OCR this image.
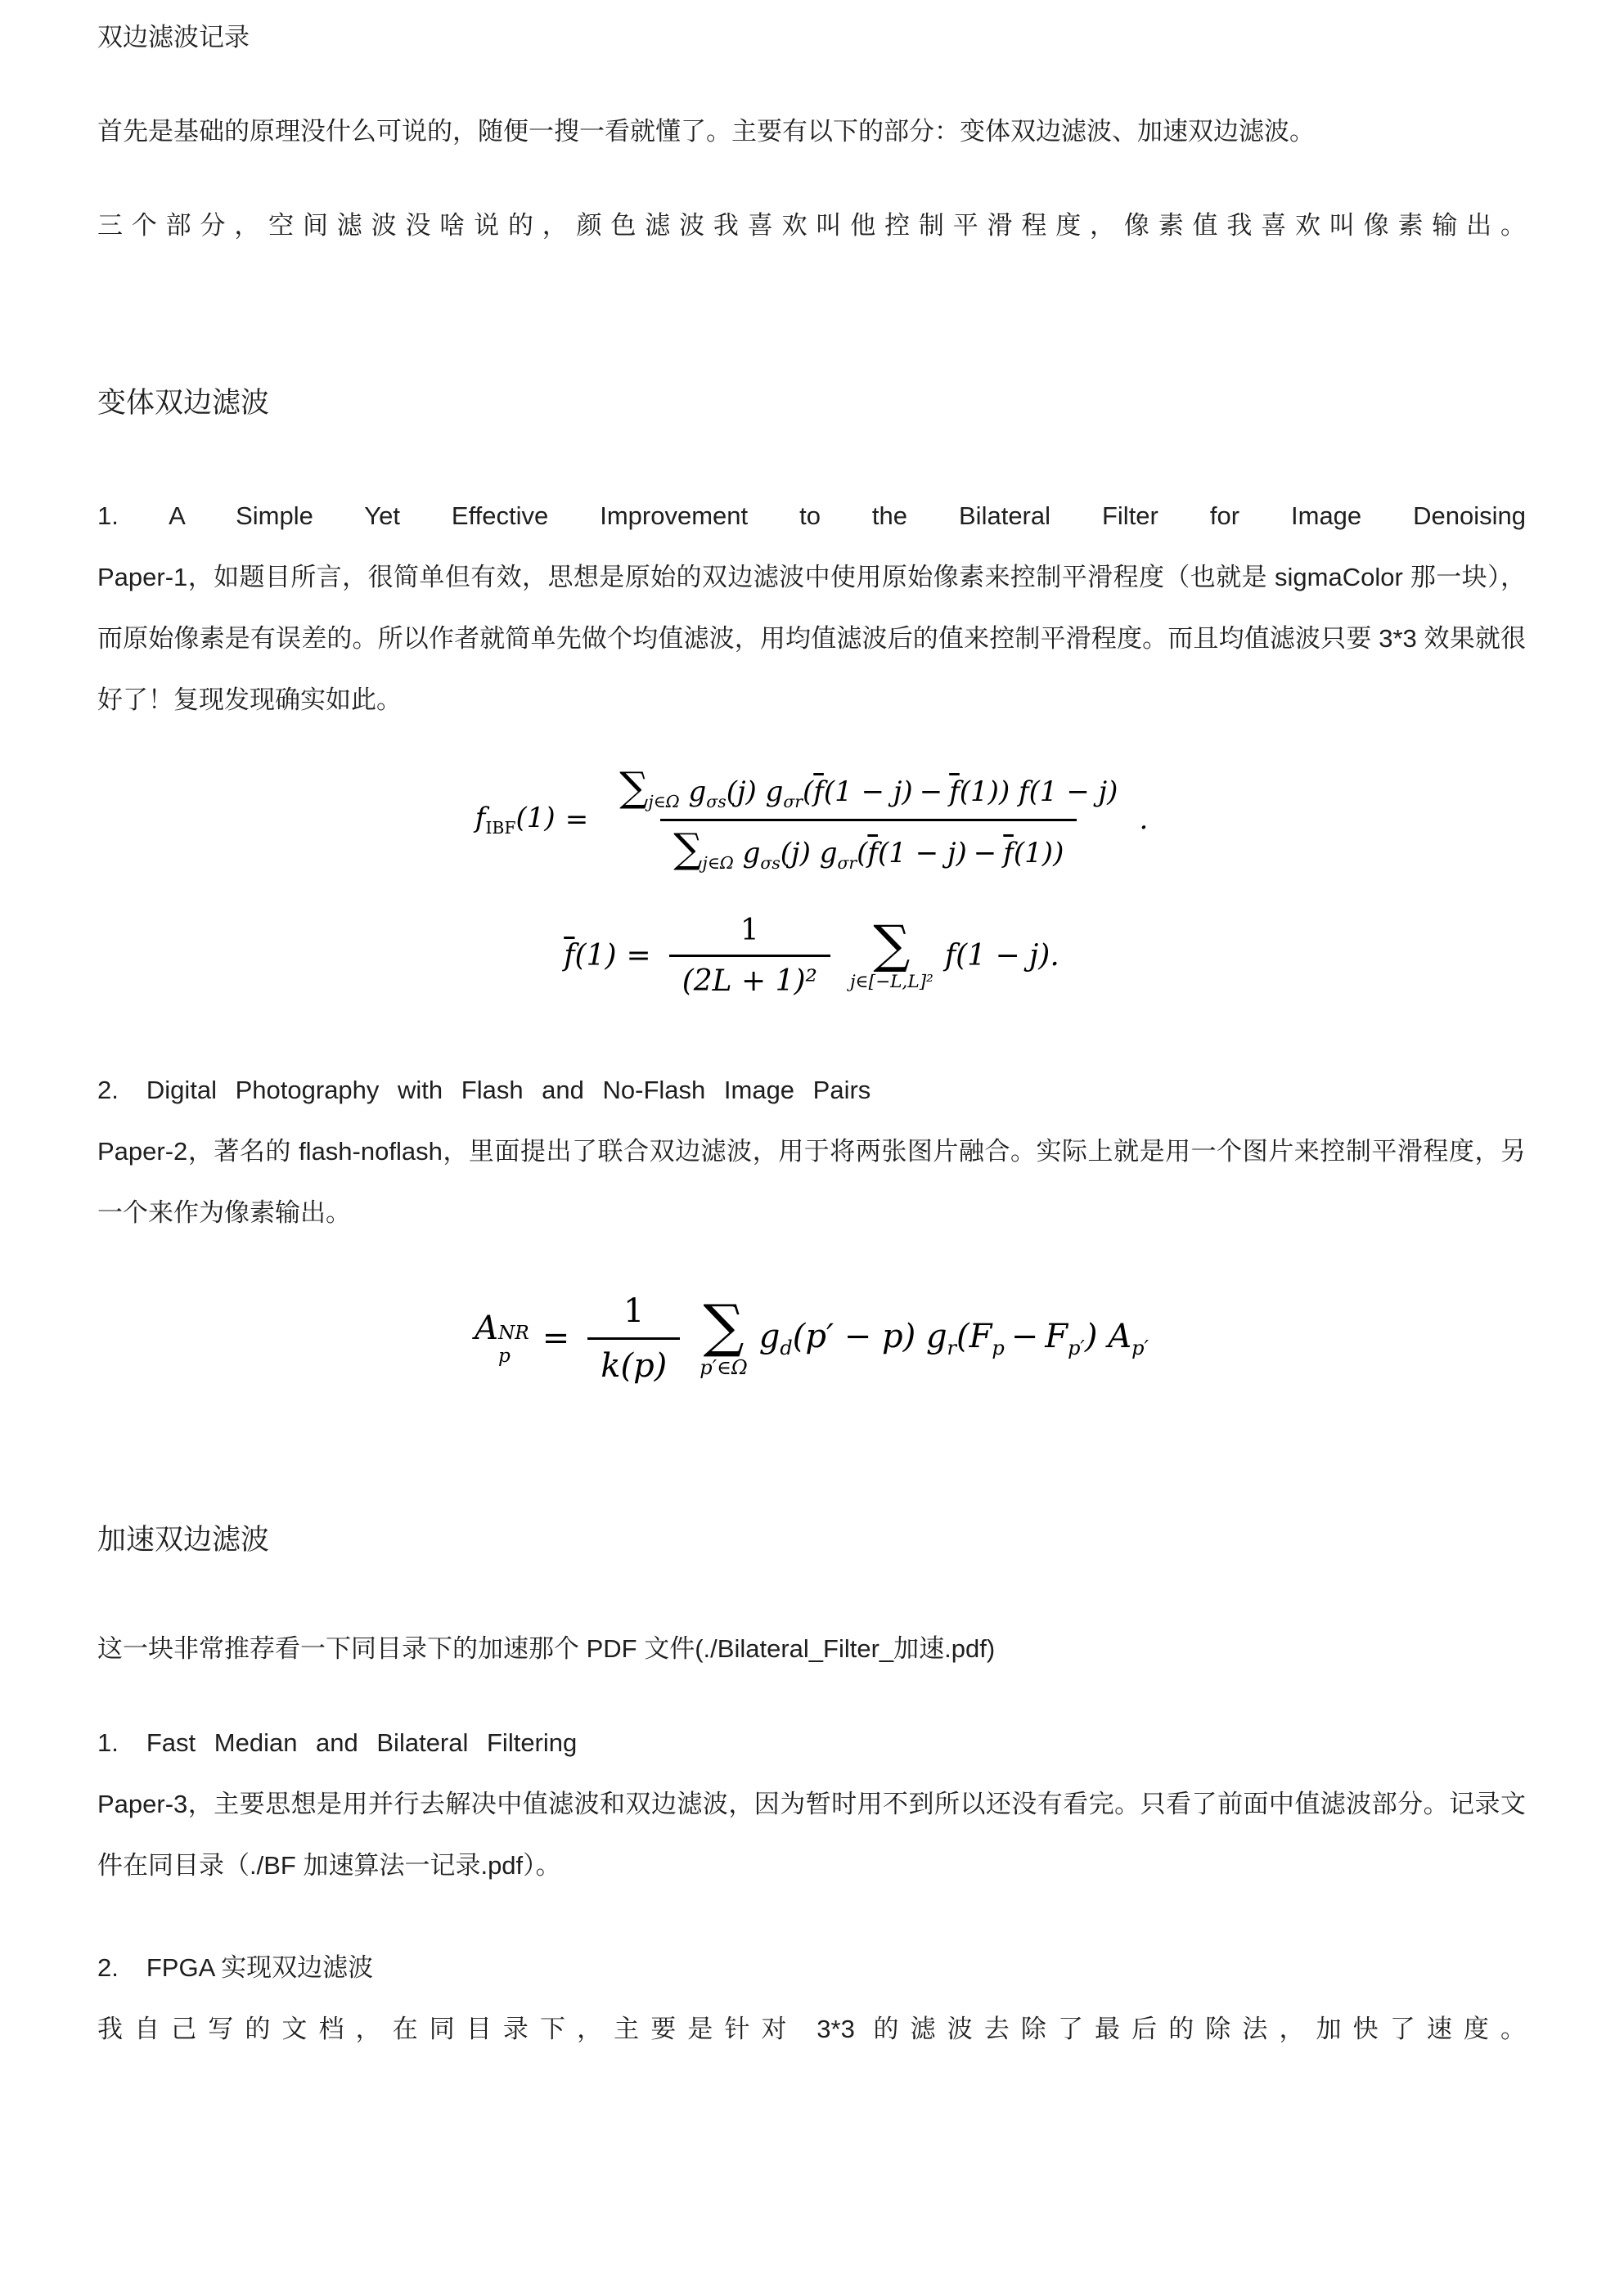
双边滤波记录

首先是基础的原理没什么可说的，随便一搜一看就懂了。主要有以下的部分：变体双边滤波、加速双边滤波。

三个部分，空间滤波没啥说的，颜色滤波我喜欢叫他控制平滑程度，像素值我喜欢叫像素输出。

变体双边滤波
1. A Simple Yet Effective Improvement to the Bilateral Filter for Image Denoising

Paper-1，如题目所言，很简单但有效，思想是原始的双边滤波中使用原始像素来控制平滑程度（也就是 sigmaColor 那一块），而原始像素是有误差的。所以作者就简单先做个均值滤波，用均值滤波后的值来控制平滑程度。而且均值滤波只要 3*3 效果就很好了！复现发现确实如此。

$f_{IBF}(1)$ =
$\sum_{j\in\Omega}$ $g_{\sigma s}(j) g_{\sigma r}(\overline{f}(1 - j) - \overline{f}(1)) f(1 - j)$
$\sum_{j\in\Omega}$ $g_{\sigma s}(j) g_{\sigma r}(\overline{f}(1 - j) - \overline{f}(1))$
.
$\overline{f}(1) = \frac{1}{\text{(2L + 1)²}}$ ∑
j∈[−L,L]²
f(1 − j).
2. Digital Photography with Flash and No-Flash Image Pairs

Paper-2，著名的 flash-noflash，里面提出了联合双边滤波，用于将两张图片融合。实际上就是用一个图片来控制平滑程度，另一个来作为像素输出。

A NR
$p = \frac{1}{k(p)}$ ∑
p′∈Ω
$g_d(p' - p) g_r(F_p - F_{p'})$ $A_{p'}$
加速双边滤波

这一块非常推荐看一下同目录下的加速那个 PDF 文件(./Bilateral_Filter_加速.pdf)

1. Fast Median and Bilateral Filtering

Paper-3，主要思想是用并行去解决中值滤波和双边滤波，因为暂时用不到所以还没有看完。只看了前面中值滤波部分。记录文件在同目录（./BF 加速算法一记录.pdf）。

2. FPGA 实现双边滤波

我自己写的文档，在同目录下，主要是针对 3*3 的滤波去除了最后的除法，加快了速度。
